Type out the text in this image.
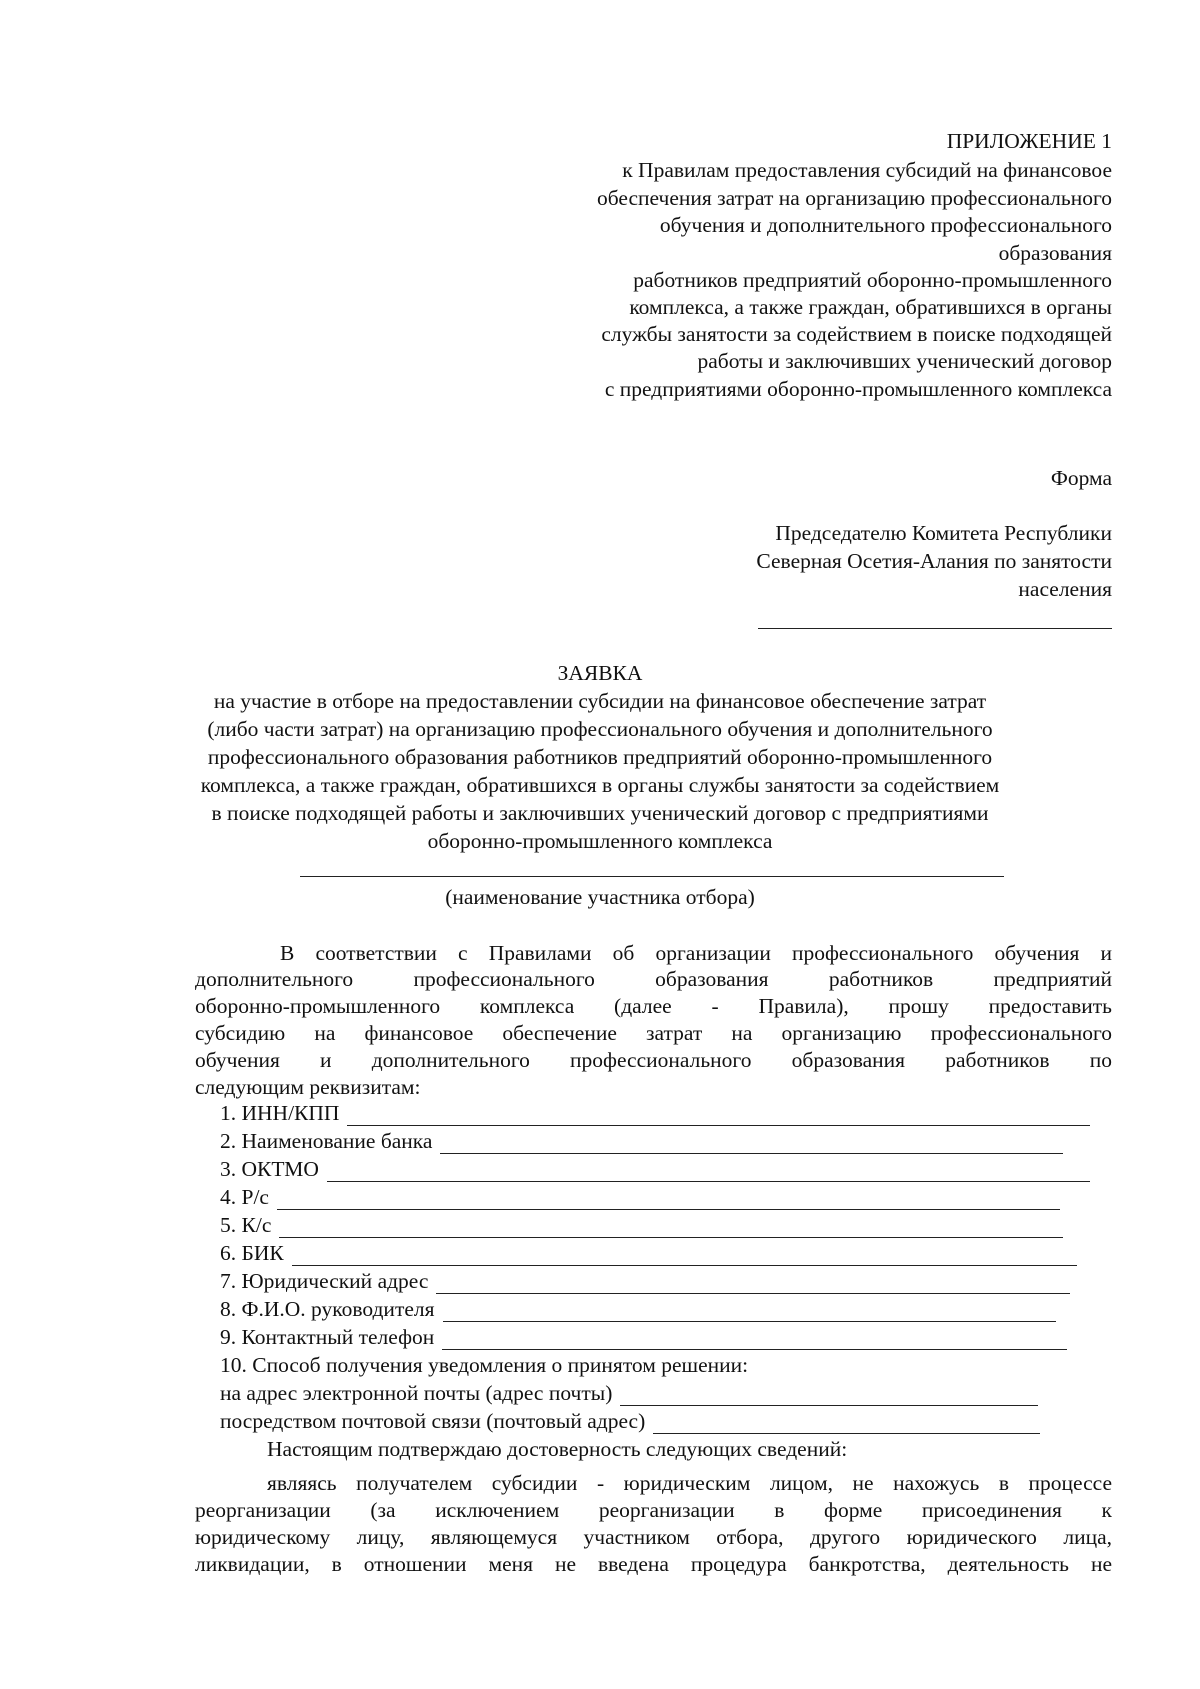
ПРИЛОЖЕНИЕ 1
к Правилам предоставления субсидий на финансовое
обеспечения затрат на организацию профессионального
обучения и дополнительного профессионального
образования
работников предприятий оборонно-промышленного
комплекса, а также граждан, обратившихся в органы
службы занятости за содействием в поиске подходящей
работы и заключивших ученический договор
с предприятиями оборонно-промышленного комплекса
Форма
Председателю Комитета Республики
Северная Осетия-Алания по занятости
населения
ЗАЯВКА
на участие в отборе на предоставлении субсидии на финансовое обеспечение затрат
(либо части затрат) на организацию профессионального обучения и дополнительного
профессионального образования работников предприятий оборонно-промышленного
комплекса, а также граждан, обратившихся в органы службы занятости за содействием
в поиске подходящей работы и заключивших ученический договор с предприятиями
оборонно-промышленного комплекса
(наименование участника отбора)
В соответствии с Правилами об организации профессионального обучения и
дополнительного профессионального образования работников предприятий
оборонно-промышленного комплекса (далее - Правила), прошу предоставить
субсидию на финансовое обеспечение затрат на организацию профессионального
обучения и дополнительного профессионального образования работников по
следующим реквизитам:
1. ИНН/КПП
2. Наименование банка
3. ОКТМО
4. Р/с
5. К/с
6. БИК
7. Юридический адрес
8. Ф.И.О. руководителя
9. Контактный телефон
10. Способ получения уведомления о принятом решении:
на адрес электронной почты (адрес почты)
посредством почтовой связи (почтовый адрес)
Настоящим подтверждаю достоверность следующих сведений:
являясь получателем субсидии - юридическим лицом, не нахожусь в процессе
реорганизации (за исключением реорганизации в форме присоединения к
юридическому лицу, являющемуся участником отбора, другого юридического лица,
ликвидации, в отношении меня не введена процедура банкротства, деятельность не
